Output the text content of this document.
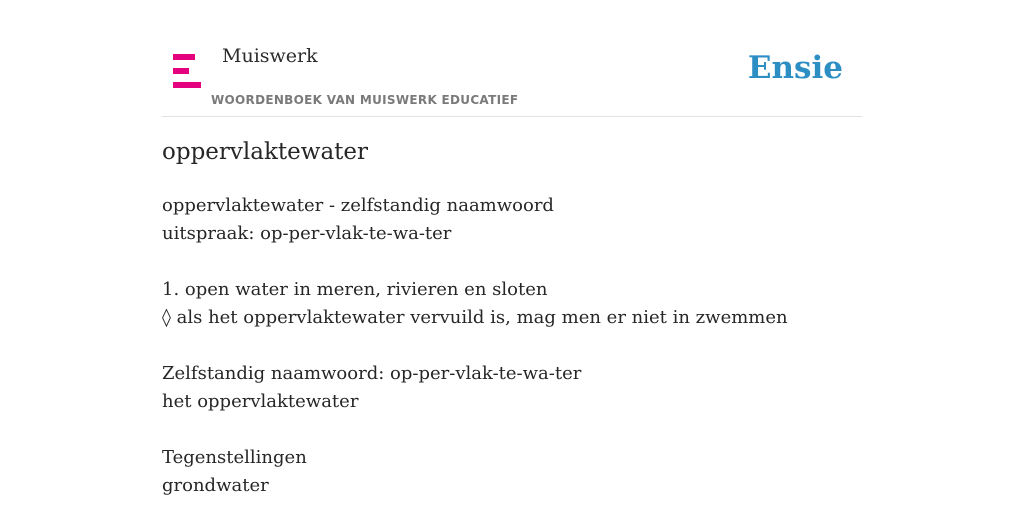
Muiswerk
WOORDENBOEK VAN MUISWERK EDUCATIEF
Ensie
oppervlaktewater
oppervlaktewater - zelfstandig naamwoord
uitspraak: op-per-vlak-te-wa-ter
1. open water in meren, rivieren en sloten
◊ als het oppervlaktewater vervuild is, mag men er niet in zwemmen
Zelfstandig naamwoord: op-per-vlak-te-wa-ter
het oppervlaktewater
Tegenstellingen
grondwater
